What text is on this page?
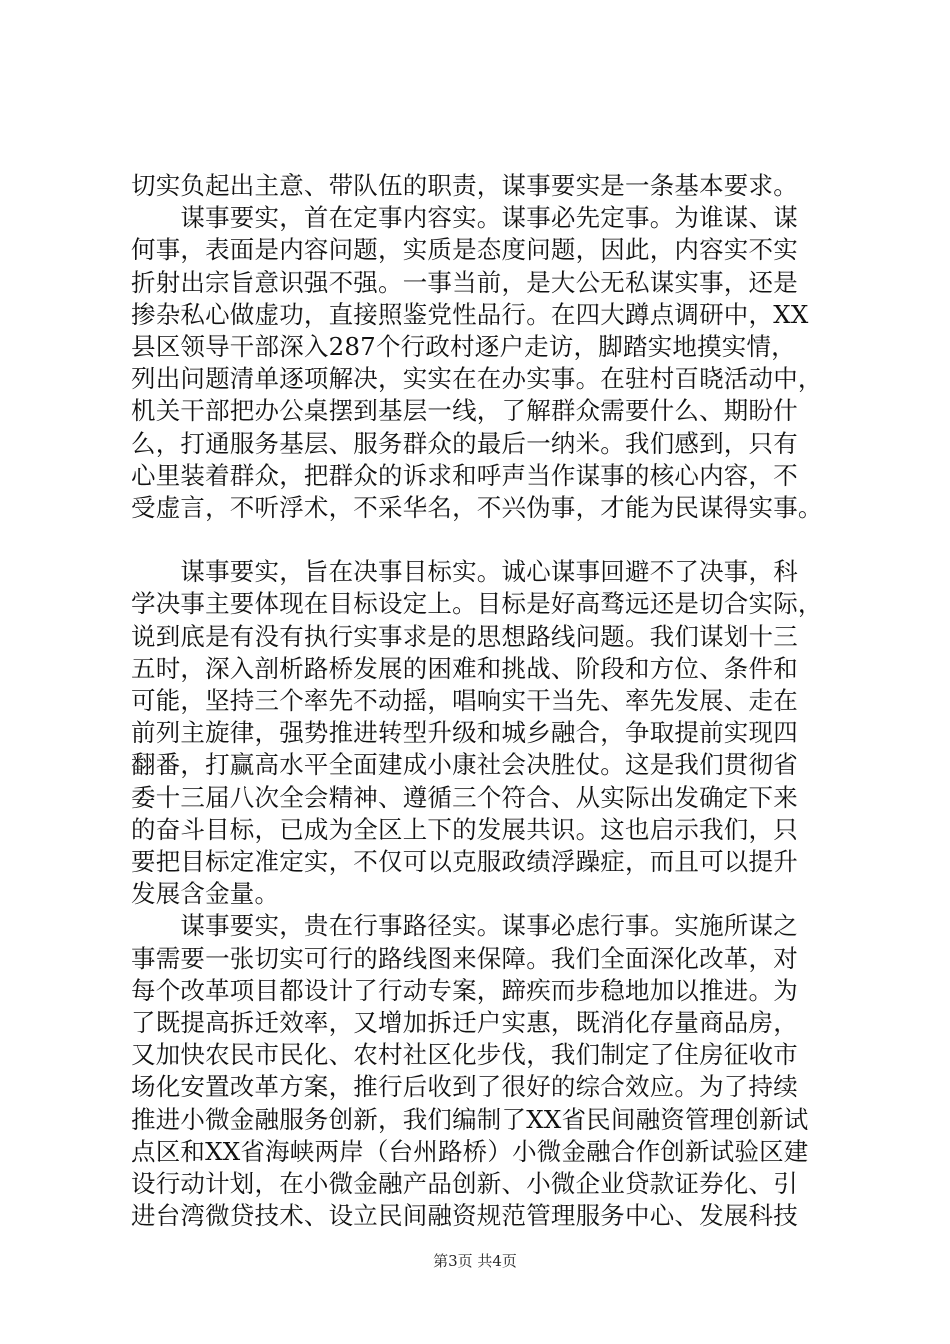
切实负起出主意、带队伍的职责，谋事要实是一条基本要求。
　　谋事要实，首在定事内容实。谋事必先定事。为谁谋、谋
何事，表面是内容问题，实质是态度问题，因此，内容实不实
折射出宗旨意识强不强。一事当前，是大公无私谋实事，还是
掺杂私心做虚功，直接照鉴党性品行。在四大蹲点调研中，XX
县区领导干部深入287个行政村逐户走访，脚踏实地摸实情，
列出问题清单逐项解决，实实在在办实事。在驻村百晓活动中，
机关干部把办公桌摆到基层一线，了解群众需要什么、期盼什
么，打通服务基层、服务群众的最后一纳米。我们感到，只有
心里装着群众，把群众的诉求和呼声当作谋事的核心内容，不
受虚言，不听浮术，不采华名，不兴伪事，才能为民谋得实事。
　　谋事要实，旨在决事目标实。诚心谋事回避不了决事，科
学决事主要体现在目标设定上。目标是好高骛远还是切合实际，
说到底是有没有执行实事求是的思想路线问题。我们谋划十三
五时，深入剖析路桥发展的困难和挑战、阶段和方位、条件和
可能，坚持三个率先不动摇，唱响实干当先、率先发展、走在
前列主旋律，强势推进转型升级和城乡融合，争取提前实现四
翻番，打赢高水平全面建成小康社会决胜仗。这是我们贯彻省
委十三届八次全会精神、遵循三个符合、从实际出发确定下来
的奋斗目标，已成为全区上下的发展共识。这也启示我们，只
要把目标定准定实，不仅可以克服政绩浮躁症，而且可以提升
发展含金量。
　　谋事要实，贵在行事路径实。谋事必虑行事。实施所谋之
事需要一张切实可行的路线图来保障。我们全面深化改革，对
每个改革项目都设计了行动专案，蹄疾而步稳地加以推进。为
了既提高拆迁效率，又增加拆迁户实惠，既消化存量商品房，
又加快农民市民化、农村社区化步伐，我们制定了住房征收市
场化安置改革方案，推行后收到了很好的综合效应。为了持续
推进小微金融服务创新，我们编制了XX省民间融资管理创新试
点区和XX省海峡两岸（台州路桥）小微金融合作创新试验区建
设行动计划，在小微金融产品创新、小微企业贷款证券化、引
进台湾微贷技术、设立民间融资规范管理服务中心、发展科技
第3页 共4页
